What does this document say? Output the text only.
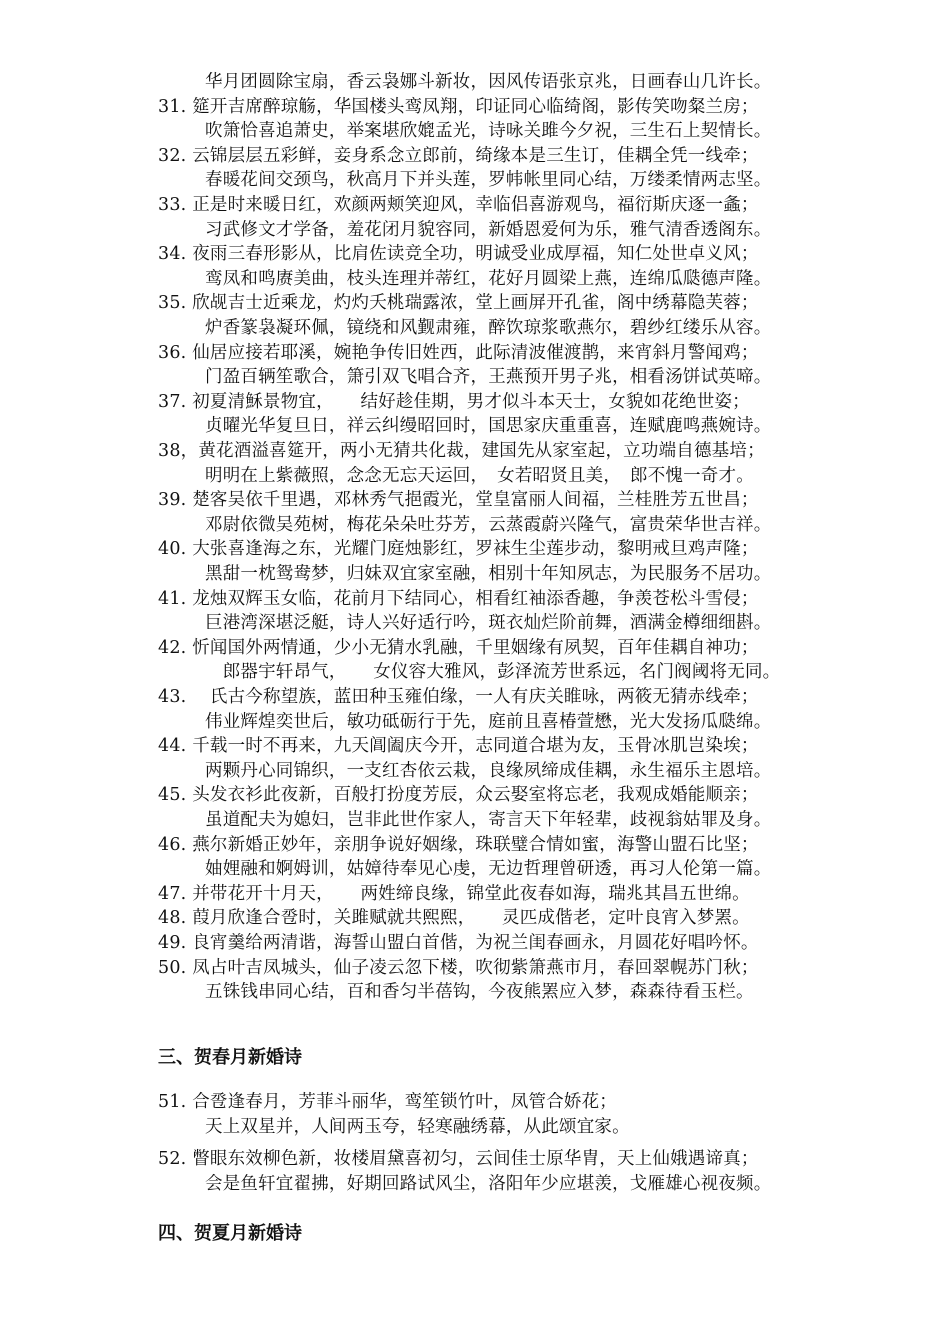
华月团圆除宝扇，香云袅娜斗新妆，因风传语张京兆，日画春山几许长。
31. 筵开吉席醉琼觞，华国楼头鸾凤翔，印证同心临绮阁，影传笑吻粲兰房；
吹箫恰喜追萧史，举案堪欣媲孟光，诗咏关雎今夕祝，三生石上契情长。
32. 云锦层层五彩鲜，妾身系念立郎前，绮缘本是三生订，佳耦全凭一线牵；
春暖花间交颈鸟，秋高月下并头莲，罗帏帐里同心结，万缕柔情两志坚。
33. 正是时来暖日红，欢颜两颊笑迎风，幸临侣喜游观鸟，福衍斯庆逐一螽；
习武修文才学备，羞花闭月貌容同，新婚恩爱何为乐，雅气清香透阁东。
34. 夜雨三春形影从，比肩佐读竞全功，明诚受业成厚福，知仁处世卓义风；
鸾凤和鸣赓美曲，枝头连理并蒂红，花好月圆梁上燕，连绵瓜瓞德声隆。
35. 欣觇吉士近乘龙，灼灼夭桃瑞露浓，堂上画屏开孔雀，阁中绣幕隐芙蓉；
炉香篆袅凝环佩，镜绕和风觐肃雍，醉饮琼浆歌燕尔，碧纱红缕乐从容。
36. 仙居应接若耶溪，婉艳争传旧姓西，此际清波催渡鹊，来宵斜月警闻鸡；
门盈百辆笙歌合，箫引双飞唱合齐，王燕预开男子兆，相看汤饼试英啼。
37. 初夏清穌景物宜，　　结好趁佳期，男才似斗本天士，女貌如花绝世姿；
贞曜光华复旦日，祥云纠缦昭回时，国思家庆重重喜，连赋鹿鸣燕婉诗。
38，黄花酒溢喜筵开，两小无猜共化裁，建国先从家室起，立功端自德基培；
明明在上紫薇照，念念无忘天运回，　女若昭贤且美，　郎不愧一奇才。
39. 楚客吴依千里遇，邓林秀气挹霞光，堂皇富丽人间福，兰桂胜芳五世昌；
邓尉依微吴苑树，梅花朵朵吐芬芳，云蒸霞蔚兴隆气，富贵荣华世吉祥。
40. 大张喜逢海之东，光耀门庭烛影红，罗袜生尘莲步动，黎明戒旦鸡声隆；
黑甜一枕鸳鸯梦，归妹双宜家室融，相别十年知夙志，为民服务不居功。
41. 龙烛双辉玉女临，花前月下结同心，相看红袖添香趣，争羡苍松斗雪侵；
巨港湾深堪泛艇，诗人兴好适行吟，斑衣灿烂阶前舞，酒满金樽细细斟。
42. 忻闻国外两情通，少小无猜水乳融，千里姻缘有夙契，百年佳耦自神功；
　郎器宇轩昂气，　　女仪容大雅风，彭泽流芳世系远，名门阀阈将无同。
43. 　氏古今称望族，蓝田种玉雍伯缘，一人有庆关睢咏，两筱无猜赤线牵；
伟业辉煌奕世后，敏功砥砺行于先，庭前且喜椿萱懋，光大发扬瓜瓞绵。
44. 千载一时不再来，九天阊阖庆今开，志同道合堪为友，玉骨冰肌岂染埃；
两颗丹心同锦织，一支红杏依云栽，良缘夙缔成佳耦，永生福乐主恩培。
45. 头发衣衫此夜新，百般打扮度芳辰，众云娶室将忘老，我观成婚能顺亲；
虽道配夫为媳妇，岂非此世作家人，寄言天下年轻辈，歧视翁姑罪及身。
46. 燕尔新婚正妙年，亲朋争说好姻缘，珠联璧合情如蜜，海警山盟石比坚；
妯娌融和婀姆训，姑嫜待奉见心虔，无边哲理曾研透，再习人伦第一篇。
47. 并带花开十月天，　　两姓缔良缘，锦堂此夜春如海，瑞兆其昌五世绵。
48. 葭月欣逢合卺时，关雎赋就共熙熙，　　灵匹成偕老，定叶良宵入梦罴。
49. 良宵羹给两清谐，海誓山盟白首偕，为祝兰闺春画永，月圆花好唱吟怀。
50. 凤占叶吉凤城头，仙子凌云忽下楼，吹彻紫箫燕市月，春回翠幌苏门秋；
五铢钱串同心结，百和香匀半蓓钩，今夜熊罴应入梦，森森待看玉栏。
三、贺春月新婚诗
51. 合卺逢春月，芳菲斗丽华，鸾笙锁竹叶，凤管合娇花；
天上双星并，人间两玉夸，轻寒融绣幕，从此颂宜家。
52. 瞥眼东效柳色新，妆楼眉黛喜初匀，云间佳士原华胄，天上仙娥遇谛真；
会是鱼轩宜翟拂，好期回路试风尘，洛阳年少应堪羡，戈雁雄心视夜频。
四、贺夏月新婚诗
